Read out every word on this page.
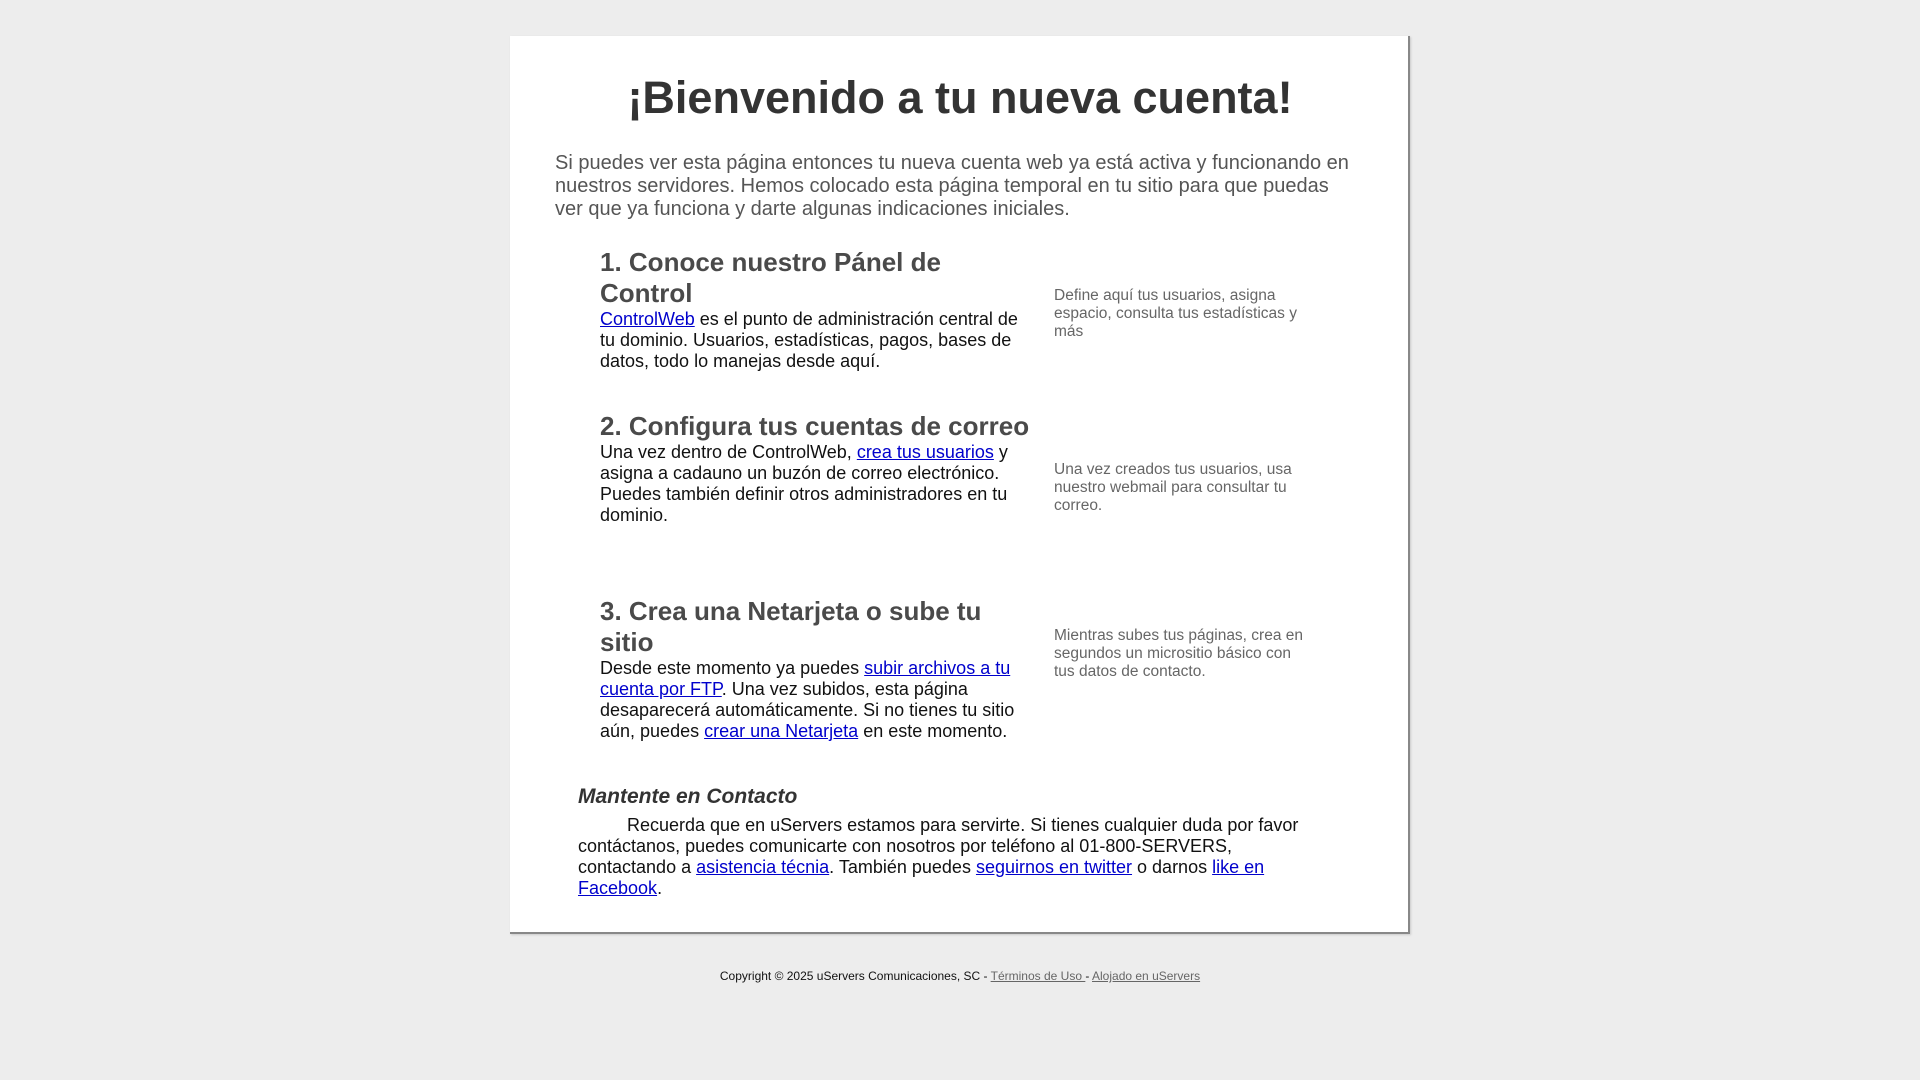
¡Bienvenido a tu nueva cuenta!

Si puedes ver esta página entonces tu nueva cuenta web ya está activa y funcionando en nuestros servidores. Hemos colocado esta página temporal en tu sitio para que puedas ver que ya funciona y darte algunas indicaciones iniciales.

1. Conoce nuestro Pánel de Control

ControlWeb es el punto de administración central de tu dominio. Usuarios, estadísticas, pagos, bases de datos, todo lo manejas desde aquí.

Define aquí tus usuarios, asigna espacio, consulta tus estadísticas y más

2. Configura tus cuentas de correo

Una vez dentro de ControlWeb, crea tus usuarios y asigna a cadauno un buzón de correo electrónico. Puedes también definir otros administradores en tu dominio.

Una vez creados tus usuarios, usa nuestro webmail para consultar tu correo.

3. Crea una Netarjeta o sube tu sitio

Desde este momento ya puedes subir archivos a tu cuenta por FTP. Una vez subidos, esta página desaparecerá automáticamente. Si no tienes tu sitio aún, puedes crear una Netarjeta en este momento.

Mientras subes tus páginas, crea en segundos un micrositio básico con tus datos de contacto.

Mantente en Contacto

Recuerda que en uServers estamos para servirte. Si tienes cualquier duda por favor contáctanos, puedes comunicarte con nosotros por teléfono al 01-800-SERVERS, contactando a asistencia técnia. También puedes seguirnos en twitter o darnos like en Facebook.

Copyright © 2025 uServers Comunicaciones, SC - Términos de Uso - Alojado en uServers
